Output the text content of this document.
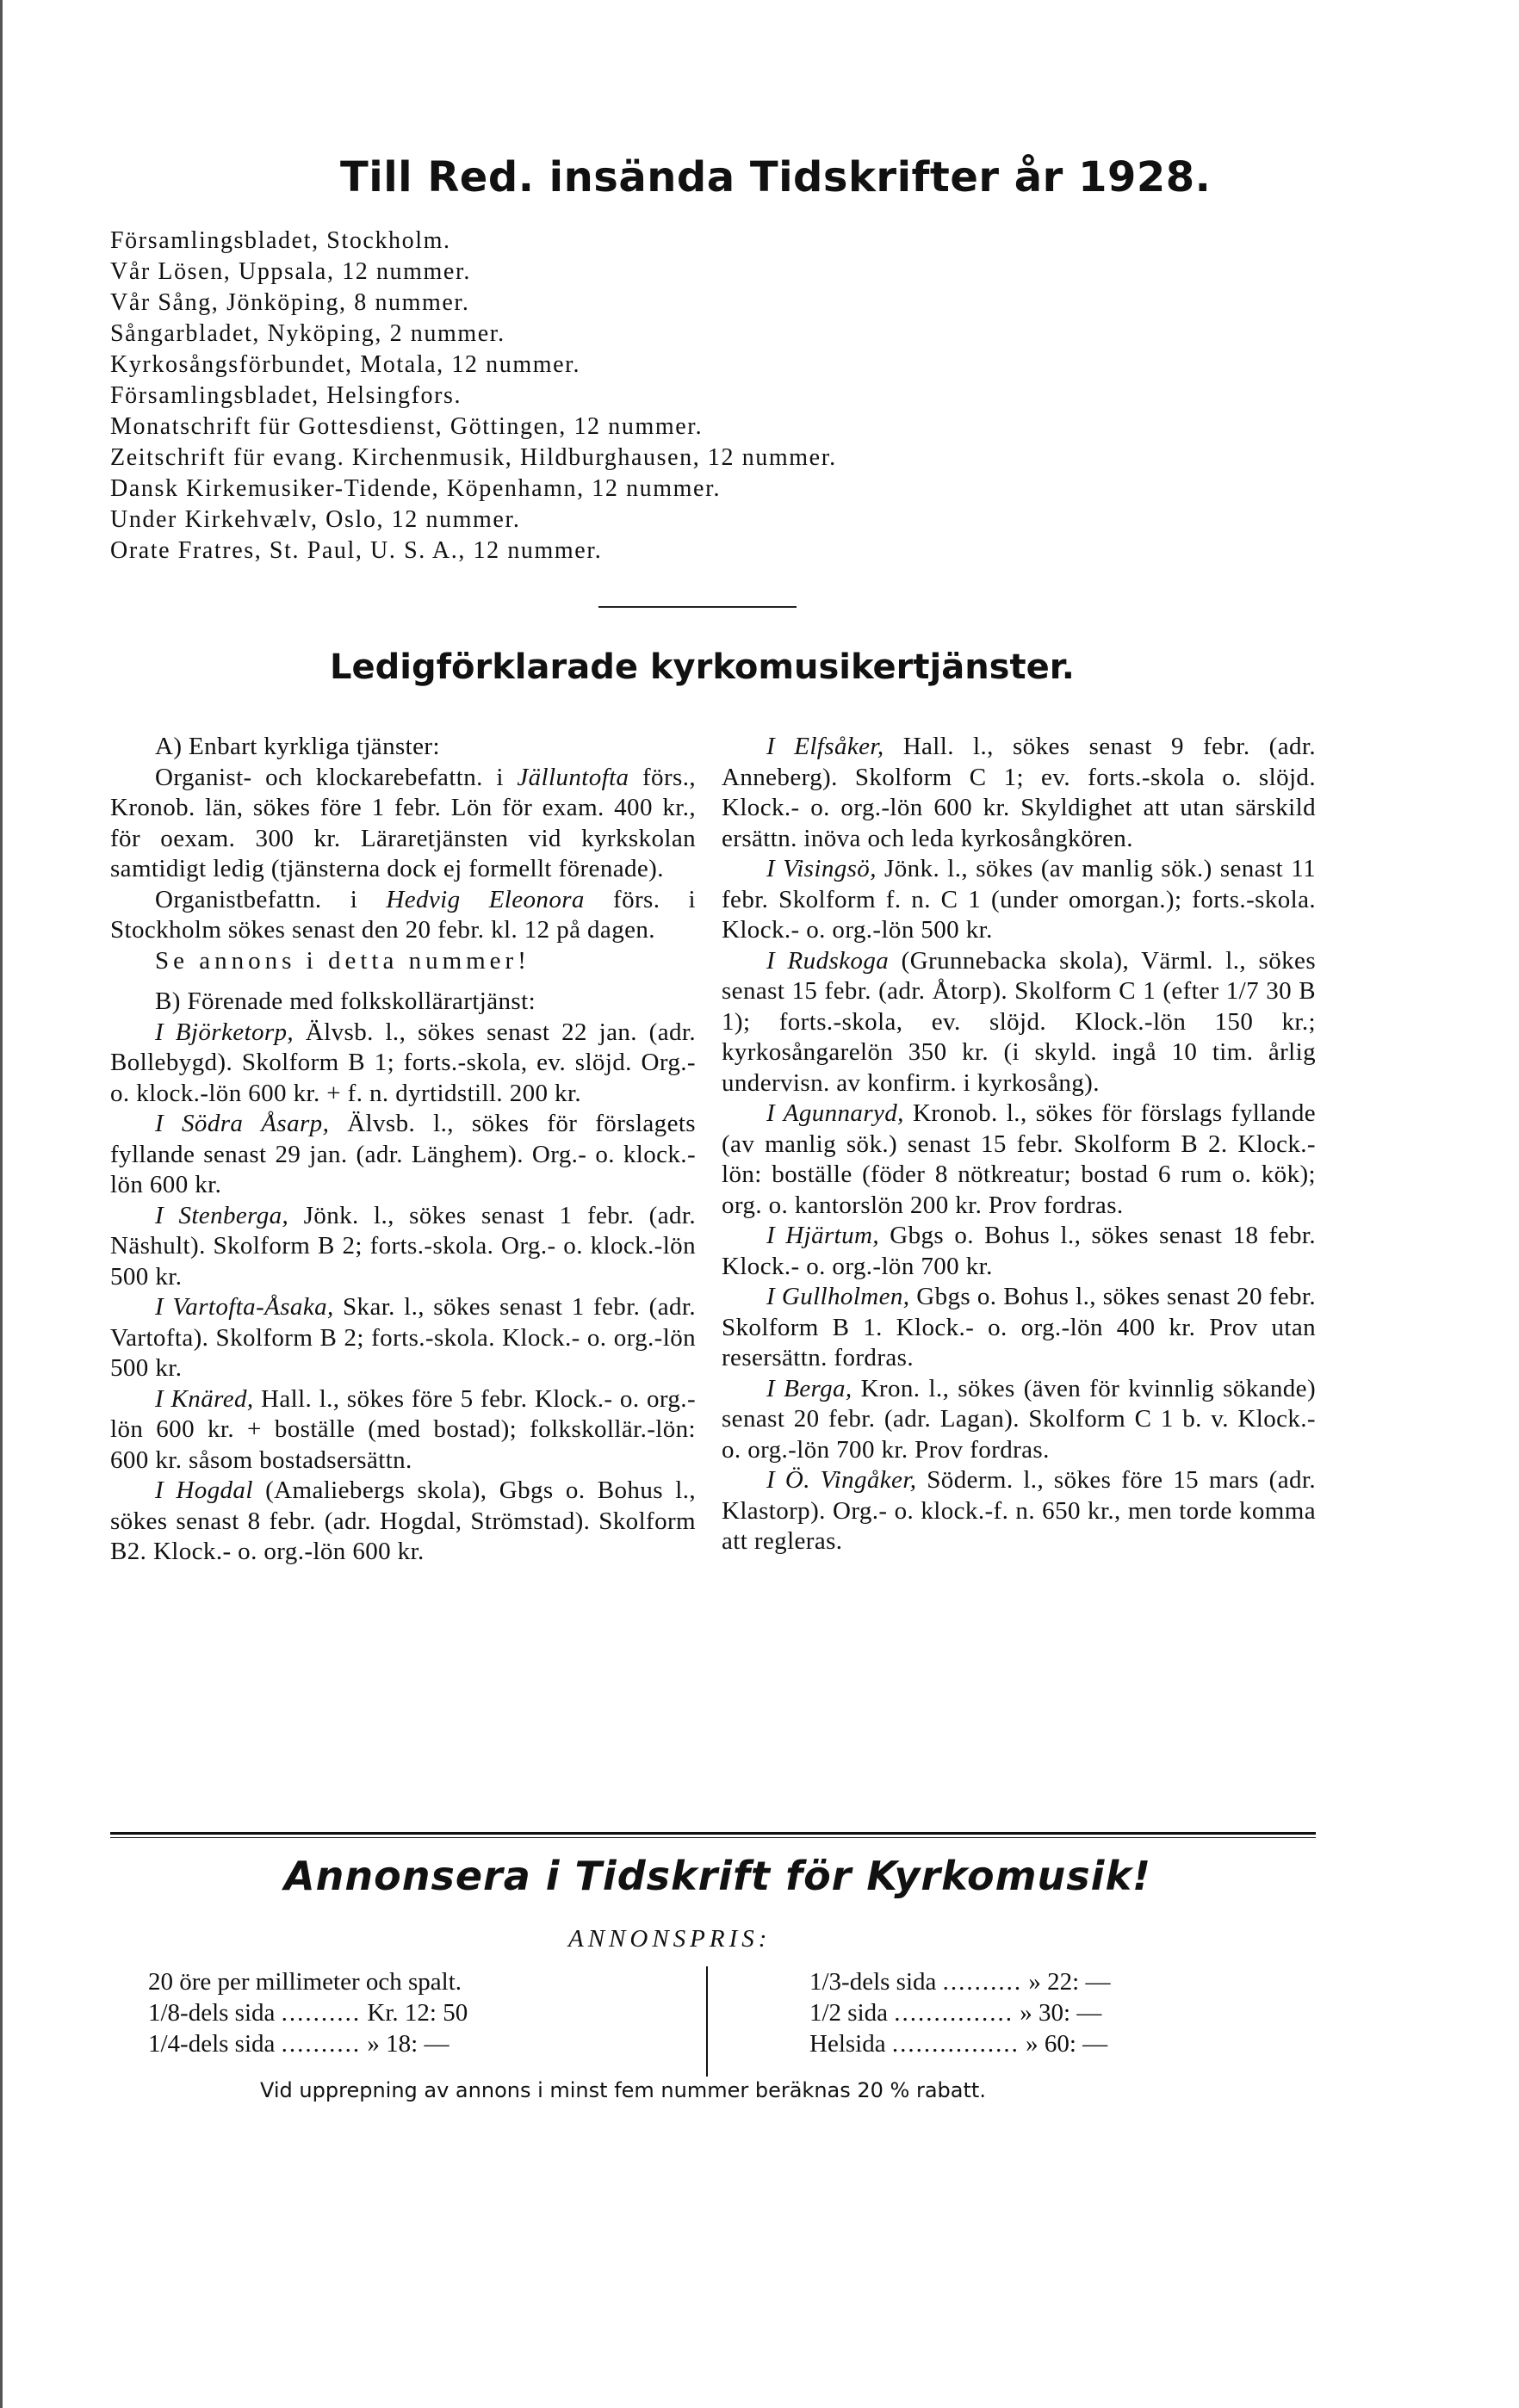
Till Red. insända Tidskrifter år 1928.
Församlingsbladet, Stockholm.
Vår Lösen, Uppsala, 12 nummer.
Vår Sång, Jönköping, 8 nummer.
Sångarbladet, Nyköping, 2 nummer.
Kyrkosångsförbundet, Motala, 12 nummer.
Församlingsbladet, Helsingfors.
Monatschrift für Gottesdienst, Göttingen, 12 nummer.
Zeitschrift für evang. Kirchenmusik, Hildburghausen, 12 nummer.
Dansk Kirkemusiker-Tidende, Köpenhamn, 12 nummer.
Under Kirkehvælv, Oslo, 12 nummer.
Orate Fratres, St. Paul, U. S. A., 12 nummer.
Ledigförklarade kyrkomusikertjänster.

A) Enbart kyrkliga tjänster:

Organist- och klockarebefattn. i Jälluntofta förs., Kronob. län, sökes före 1 febr. Lön för exam. 400 kr., för oexam. 300 kr. Läraretjänsten vid kyrkskolan samtidigt ledig (tjänsterna dock ej formellt förenade).

Organistbefattn. i Hedvig Eleonora förs. i Stockholm sökes senast den 20 febr. kl. 12 på dagen.

Se annons i detta nummer!

B) Förenade med folkskollärartjänst:

I Björketorp, Älvsb. l., sökes senast 22 jan. (adr. Bollebygd). Skolform B 1; forts.-skola, ev. slöjd. Org.- o. klock.-lön 600 kr. + f. n. dyrtidstill. 200 kr.

I Södra Åsarp, Älvsb. l., sökes för förslagets fyllande senast 29 jan. (adr. Länghem). Org.- o. klock.-lön 600 kr.

I Stenberga, Jönk. l., sökes senast 1 febr. (adr. Näshult). Skolform B 2; forts.-skola. Org.- o. klock.-lön 500 kr.

I Vartofta-Åsaka, Skar. l., sökes senast 1 febr. (adr. Vartofta). Skolform B 2; forts.-skola. Klock.- o. org.-lön 500 kr.

I Knäred, Hall. l., sökes före 5 febr. Klock.- o. org.-lön 600 kr. + boställe (med bostad); folkskollär.-lön: 600 kr. såsom bostadsersättn.

I Hogdal (Amaliebergs skola), Gbgs o. Bohus l., sökes senast 8 febr. (adr. Hogdal, Strömstad). Skolform B2. Klock.- o. org.-lön 600 kr.

I Elfsåker, Hall. l., sökes senast 9 febr. (adr. Anneberg). Skolform C 1; ev. forts.-skola o. slöjd. Klock.- o. org.-lön 600 kr. Skyldighet att utan särskild ersättn. inöva och leda kyrkosångkören.

I Visingsö, Jönk. l., sökes (av manlig sök.) senast 11 febr. Skolform f. n. C 1 (under omorgan.); forts.-skola. Klock.- o. org.-lön 500 kr.

I Rudskoga (Grunnebacka skola), Värml. l., sökes senast 15 febr. (adr. Åtorp). Skolform C 1 (efter 1/7 30 B 1); forts.-skola, ev. slöjd. Klock.-lön 150 kr.; kyrkosångarelön 350 kr. (i skyld. ingå 10 tim. årlig undervisn. av konfirm. i kyrkosång).

I Agunnaryd, Kronob. l., sökes för förslags fyllande (av manlig sök.) senast 15 febr. Skolform B 2. Klock.-lön: boställe (föder 8 nötkreatur; bostad 6 rum o. kök); org. o. kantorslön 200 kr. Prov fordras.

I Hjärtum, Gbgs o. Bohus l., sökes senast 18 febr. Klock.- o. org.-lön 700 kr.

I Gullholmen, Gbgs o. Bohus l., sökes senast 20 febr. Skolform B 1. Klock.- o. org.-lön 400 kr. Prov utan resersättn. fordras.

I Berga, Kron. l., sökes (även för kvinnlig sökande) senast 20 febr. (adr. Lagan). Skolform C 1 b. v. Klock.- o. org.-lön 700 kr. Prov fordras.

I Ö. Vingåker, Söderm. l., sökes före 15 mars (adr. Klastorp). Org.- o. klock.-f. n. 650 kr., men torde komma att regleras.

Annonsera i Tidskrift för Kyrkomusik!
ANNONSPRIS:
20 öre per millimeter och spalt.
1/8-dels sida .......... Kr. 12: 50
1/4-dels sida .......... » 18: —
1/3-dels sida .......... » 22: —
1/2 sida ............... » 30: —
Helsida ................ » 60: —
Vid upprepning av annons i minst fem nummer beräknas 20 % rabatt.
